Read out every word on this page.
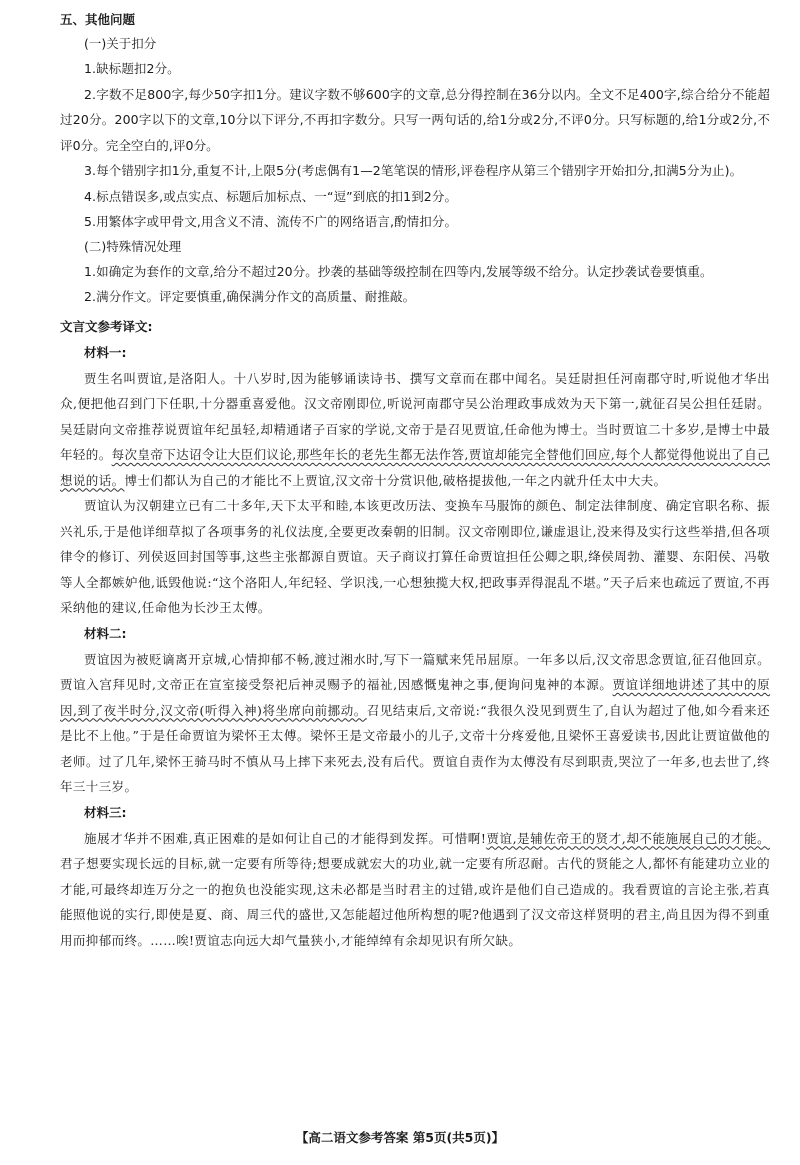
五、其他问题
(一)关于扣分

1.缺标题扣2分。

2.字数不足800字,每少50字扣1分。建议字数不够600字的文章,总分得控制在36分以内。全文不足400字,综合给分不能超过20分。200字以下的文章,10分以下评分,不再扣字数分。只写一两句话的,给1分或2分,不评0分。只写标题的,给1分或2分,不评0分。完全空白的,评0分。

3.每个错别字扣1分,重复不计,上限5分(考虑偶有1—2笔笔误的情形,评卷程序从第三个错别字开始扣分,扣满5分为止)。

4.标点错误多,或点实点、标题后加标点、一“逗”到底的扣1到2分。

5.用繁体字或甲骨文,用含义不清、流传不广的网络语言,酌情扣分。

(二)特殊情况处理

1.如确定为套作的文章,给分不超过20分。抄袭的基础等级控制在四等内,发展等级不给分。认定抄袭试卷要慎重。

2.满分作文。评定要慎重,确保满分作文的高质量、耐推敲。

文言文参考译文:
材料一:

贾生名叫贾谊,是洛阳人。十八岁时,因为能够诵读诗书、撰写文章而在郡中闻名。吴廷尉担任河南郡守时,听说他才华出众,便把他召到门下任职,十分器重喜爱他。汉文帝刚即位,听说河南郡守吴公治理政事成效为天下第一,就征召吴公担任廷尉。吴廷尉向文帝推荐说贾谊年纪虽轻,却精通诸子百家的学说,文帝于是召见贾谊,任命他为博士。当时贾谊二十多岁,是博士中最年轻的。每次皇帝下达诏令让大臣们议论,那些年长的老先生都无法作答,贾谊却能完全替他们回应,每个人都觉得他说出了自己想说的话。博士们都认为自己的才能比不上贾谊,汉文帝十分赏识他,破格提拔他,一年之内就升任太中大夫。

贾谊认为汉朝建立已有二十多年,天下太平和睦,本该更改历法、变换车马服饰的颜色、制定法律制度、确定官职名称、振兴礼乐,于是他详细草拟了各项事务的礼仪法度,全要更改秦朝的旧制。汉文帝刚即位,谦虚退让,没来得及实行这些举措,但各项律令的修订、列侯返回封国等事,这些主张都源自贾谊。天子商议打算任命贾谊担任公卿之职,绛侯周勃、灌婴、东阳侯、冯敬等人全都嫉妒他,诋毁他说:“这个洛阳人,年纪轻、学识浅,一心想独揽大权,把政事弄得混乱不堪。”天子后来也疏远了贾谊,不再采纳他的建议,任命他为长沙王太傅。

材料二:

贾谊因为被贬谪离开京城,心情抑郁不畅,渡过湘水时,写下一篇赋来凭吊屈原。一年多以后,汉文帝思念贾谊,征召他回京。贾谊入宫拜见时,文帝正在宣室接受祭祀后神灵赐予的福祉,因感慨鬼神之事,便询问鬼神的本源。贾谊详细地讲述了其中的原因,到了夜半时分,汉文帝(听得入神)将坐席向前挪动。召见结束后,文帝说:“我很久没见到贾生了,自认为超过了他,如今看来还是比不上他。”于是任命贾谊为梁怀王太傅。梁怀王是文帝最小的儿子,文帝十分疼爱他,且梁怀王喜爱读书,因此让贾谊做他的老师。过了几年,梁怀王骑马时不慎从马上摔下来死去,没有后代。贾谊自责作为太傅没有尽到职责,哭泣了一年多,也去世了,终年三十三岁。

材料三:

施展才华并不困难,真正困难的是如何让自己的才能得到发挥。可惜啊!贾谊,是辅佐帝王的贤才,却不能施展自己的才能。君子想要实现长远的目标,就一定要有所等待;想要成就宏大的功业,就一定要有所忍耐。古代的贤能之人,都怀有能建功立业的才能,可最终却连万分之一的抱负也没能实现,这未必都是当时君主的过错,或许是他们自己造成的。我看贾谊的言论主张,若真能照他说的实行,即使是夏、商、周三代的盛世,又怎能超过他所构想的呢?他遇到了汉文帝这样贤明的君主,尚且因为得不到重用而抑郁而终。……唉!贾谊志向远大却气量狭小,才能绰绰有余却见识有所欠缺。

【高二语文参考答案 第5页(共5页)】
